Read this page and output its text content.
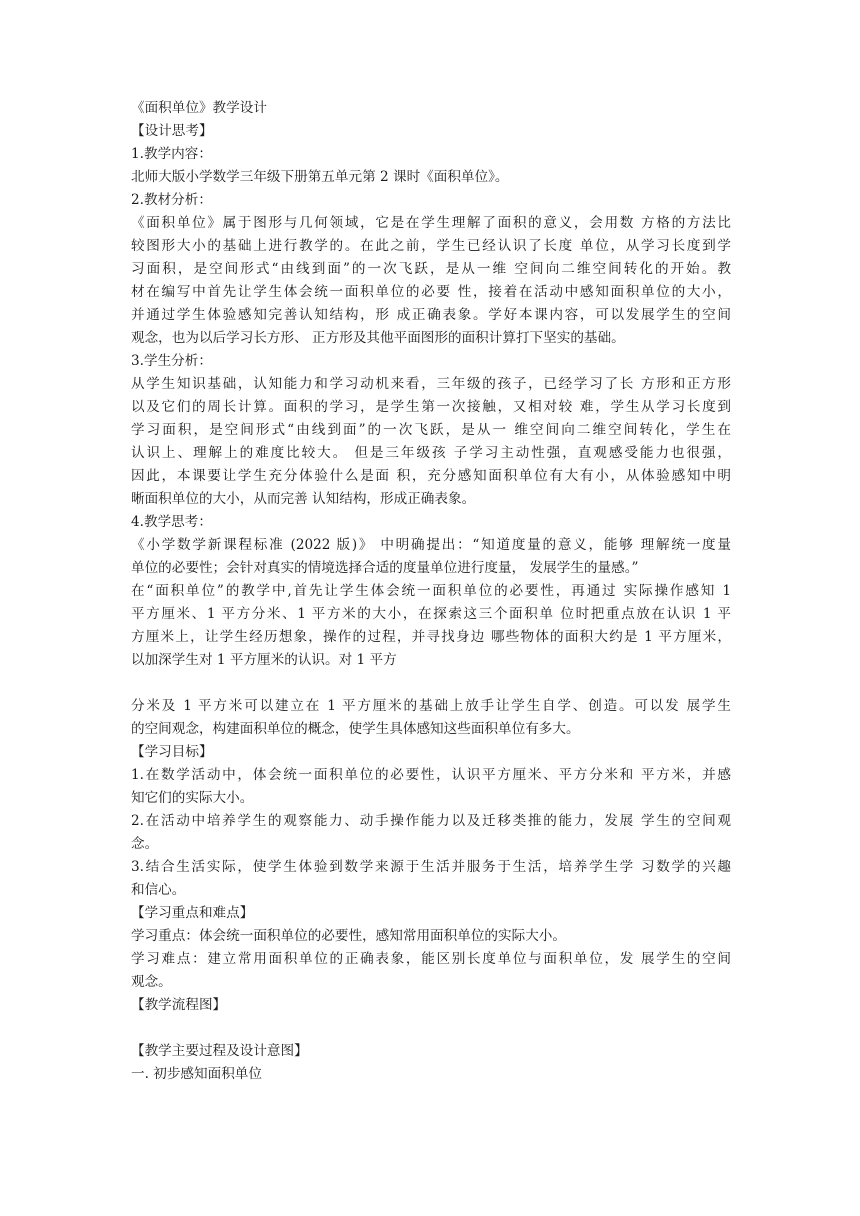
《面积单位》教学设计
【设计思考】
1.教学内容：
北师大版小学数学三年级下册第五单元第 2 课时《面积单位》。
2.教材分析：
《面积单位》属于图形与几何领域，它是在学生理解了面积的意义，会用数 方格的方法比
较图形大小的基础上进行教学的。在此之前，学生已经认识了长度 单位，从学习长度到学
习面积，是空间形式“由线到面”的一次飞跃，是从一维 空间向二维空间转化的开始。教
材在编写中首先让学生体会统一面积单位的必要 性，接着在活动中感知面积单位的大小，
并通过学生体验感知完善认知结构，形 成正确表象。学好本课内容，可以发展学生的空间
观念，也为以后学习长方形、 正方形及其他平面图形的面积计算打下坚实的基础。
3.学生分析：
从学生知识基础，认知能力和学习动机来看，三年级的孩子，已经学习了长 方形和正方形
以及它们的周长计算。面积的学习，是学生第一次接触，又相对较 难，学生从学习长度到
学习面积，是空间形式“由线到面”的一次飞跃，是从一 维空间向二维空间转化，学生在
认识上、理解上的难度比较大。 但是三年级孩 子学习主动性强，直观感受能力也很强，
因此，本课要让学生充分体验什么是面 积，充分感知面积单位有大有小，从体验感知中明
晰面积单位的大小，从而完善 认知结构，形成正确表象。
4.教学思考：
《小学数学新课程标准 (2022 版)》 中明确提出：“知道度量的意义，能够 理解统一度量
单位的必要性；会针对真实的情境选择合适的度量单位进行度量， 发展学生的量感。”
在“面积单位”的教学中,首先让学生体会统一面积单位的必要性，再通过 实际操作感知 1
平方厘米、1 平方分米、1 平方米的大小，在探索这三个面积单 位时把重点放在认识 1 平
方厘米上，让学生经历想象，操作的过程，并寻找身边 哪些物体的面积大约是 1 平方厘米，
以加深学生对 1 平方厘米的认识。对 1 平方
分米及 1 平方米可以建立在 1 平方厘米的基础上放手让学生自学、创造。可以发 展学生
的空间观念，构建面积单位的概念，使学生具体感知这些面积单位有多大。
【学习目标】
1.在数学活动中，体会统一面积单位的必要性，认识平方厘米、平方分米和 平方米，并感
知它们的实际大小。
2.在活动中培养学生的观察能力、动手操作能力以及迁移类推的能力，发展 学生的空间观
念。
3.结合生活实际，使学生体验到数学来源于生活并服务于生活，培养学生学 习数学的兴趣
和信心。
【学习重点和难点】
学习重点：体会统一面积单位的必要性，感知常用面积单位的实际大小。
学习难点：建立常用面积单位的正确表象，能区别长度单位与面积单位，发 展学生的空间
观念。
【教学流程图】
【教学主要过程及设计意图】
一. 初步感知面积单位
